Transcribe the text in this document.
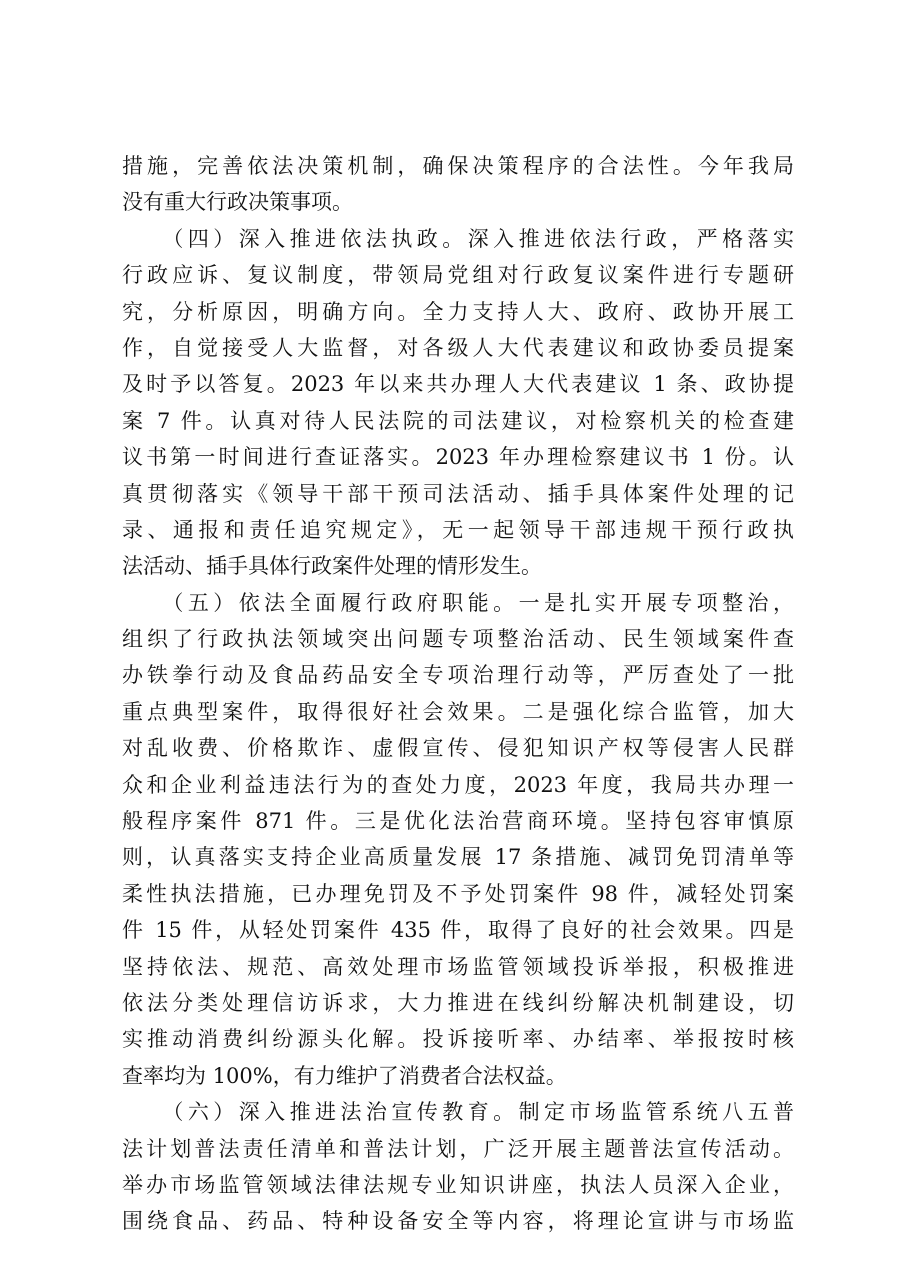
措施，完善依法决策机制，确保决策程序的合法性。今年我局
没有重大行政决策事项。
　　（四）深入推进依法执政。深入推进依法行政，严格落实
行政应诉、复议制度，带领局党组对行政复议案件进行专题研
究，分析原因，明确方向。全力支持人大、政府、政协开展工
作，自觉接受人大监督，对各级人大代表建议和政协委员提案
及时予以答复。2023 年以来共办理人大代表建议 1 条、政协提
案 7 件。认真对待人民法院的司法建议，对检察机关的检查建
议书第一时间进行查证落实。2023 年办理检察建议书 1 份。认
真贯彻落实《领导干部干预司法活动、插手具体案件处理的记
录、通报和责任追究规定》，无一起领导干部违规干预行政执
法活动、插手具体行政案件处理的情形发生。
　　（五）依法全面履行政府职能。一是扎实开展专项整治，
组织了行政执法领域突出问题专项整治活动、民生领域案件查
办铁拳行动及食品药品安全专项治理行动等，严厉查处了一批
重点典型案件，取得很好社会效果。二是强化综合监管，加大
对乱收费、价格欺诈、虚假宣传、侵犯知识产权等侵害人民群
众和企业利益违法行为的查处力度，2023 年度，我局共办理一
般程序案件 871 件。三是优化法治营商环境。坚持包容审慎原
则，认真落实支持企业高质量发展 17 条措施、减罚免罚清单等
柔性执法措施，已办理免罚及不予处罚案件 98 件，减轻处罚案
件 15 件，从轻处罚案件 435 件，取得了良好的社会效果。四是
坚持依法、规范、高效处理市场监管领域投诉举报，积极推进
依法分类处理信访诉求，大力推进在线纠纷解决机制建设，切
实推动消费纠纷源头化解。投诉接听率、办结率、举报按时核
查率均为 100%，有力维护了消费者合法权益。
　　（六）深入推进法治宣传教育。制定市场监管系统八五普
法计划普法责任清单和普法计划，广泛开展主题普法宣传活动。
举办市场监管领域法律法规专业知识讲座，执法人员深入企业，
围绕食品、药品、特种设备安全等内容，将理论宣讲与市场监
